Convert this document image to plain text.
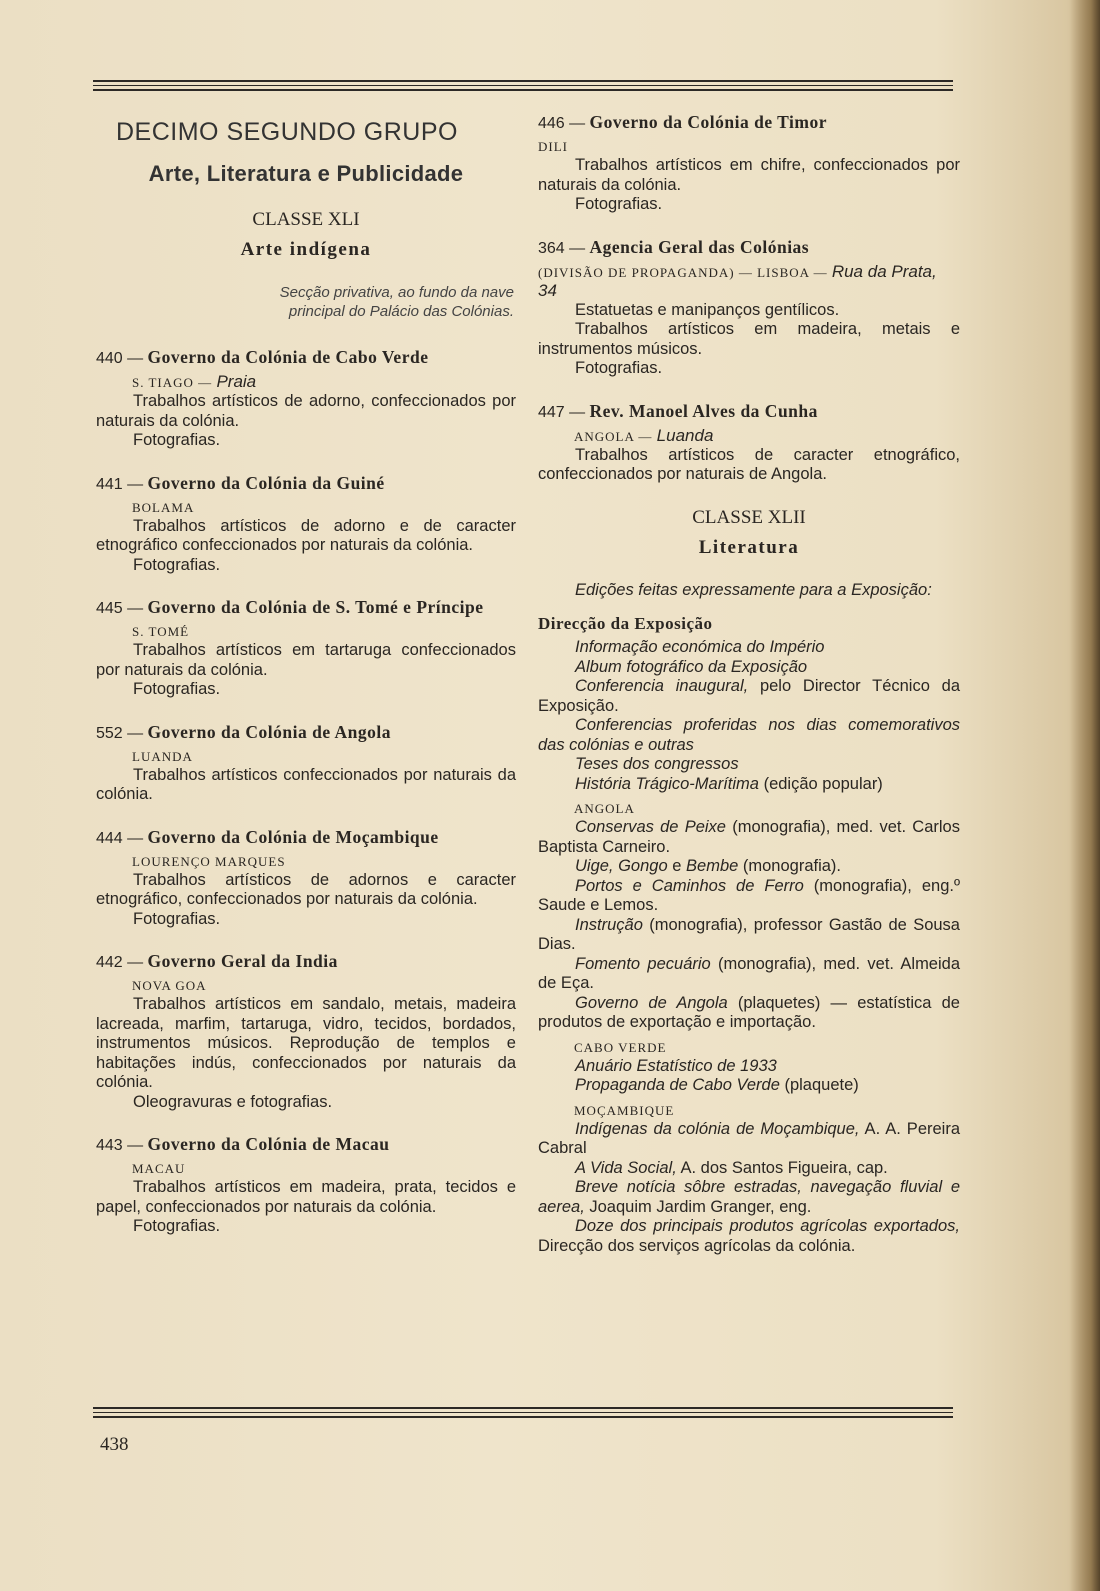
DECIMO SEGUNDO GRUPO
Arte, Literatura e Publicidade
CLASSE XLI
Arte indígena
Secção privativa, ao fundo da nave
principal do Palácio das Colónias.
440 — Governo da Colónia de Cabo Verde
S. TIAGO — Praia
Trabalhos artísticos de adorno, confeccionados por naturais da colónia.
Fotografias.
441 — Governo da Colónia da Guiné
BOLAMA
Trabalhos artísticos de adorno e de caracter etnográfico confeccionados por naturais da colónia.
Fotografias.
445 — Governo da Colónia de S. Tomé e Príncipe
S. TOMÉ
Trabalhos artísticos em tartaruga confeccionados por naturais da colónia.
Fotografias.
552 — Governo da Colónia de Angola
LUANDA
Trabalhos artísticos confeccionados por naturais da colónia.
444 — Governo da Colónia de Moçambique
LOURENÇO MARQUES
Trabalhos artísticos de adornos e caracter etnográfico, confeccionados por naturais da colónia.
Fotografias.
442 — Governo Geral da India
NOVA GOA
Trabalhos artísticos em sandalo, metais, madeira lacreada, marfim, tartaruga, vidro, tecidos, bordados, instrumentos músicos. Reprodução de templos e habitações indús, confeccionados por naturais da colónia.
Oleogravuras e fotografias.
443 — Governo da Colónia de Macau
MACAU
Trabalhos artísticos em madeira, prata, tecidos e papel, confeccionados por naturais da colónia.
Fotografias.
446 — Governo da Colónia de Timor
DILI
Trabalhos artísticos em chifre, confeccionados por naturais da colónia.
Fotografias.
364 — Agencia Geral das Colónias
(DIVISÃO DE PROPAGANDA) — LISBOA — Rua da Prata, 34
Estatuetas e manipanços gentílicos.
Trabalhos artísticos em madeira, metais e instrumentos músicos.
Fotografias.
447 — Rev. Manoel Alves da Cunha
ANGOLA — Luanda
Trabalhos artísticos de caracter etnográfico, confeccionados por naturais de Angola.
CLASSE XLII
Literatura
Edições feitas expressamente para a Exposição:
Direcção da Exposição
Informação económica do Império
Album fotográfico da Exposição
Conferencia inaugural, pelo Director Técnico da Exposição.
Conferencias proferidas nos dias comemorativos das colónias e outras
Teses dos congressos
História Trágico-Marítima (edição popular)
ANGOLA
Conservas de Peixe (monografia), med. vet. Carlos Baptista Carneiro.
Uige, Gongo e Bembe (monografia).
Portos e Caminhos de Ferro (monografia), eng.º Saude e Lemos.
Instrução (monografia), professor Gastão de Sousa Dias.
Fomento pecuário (monografia), med. vet. Almeida de Eça.
Governo de Angola (plaquetes) — estatística de produtos de exportação e importação.
CABO VERDE
Anuário Estatístico de 1933
Propaganda de Cabo Verde (plaquete)
MOÇAMBIQUE
Indígenas da colónia de Moçambique, A. A. Pereira Cabral
A Vida Social, A. dos Santos Figueira, cap.
Breve notícia sôbre estradas, navegação fluvial e aerea, Joaquim Jardim Granger, eng.
Doze dos principais produtos agrícolas exportados, Direcção dos serviços agrícolas da colónia.
438
